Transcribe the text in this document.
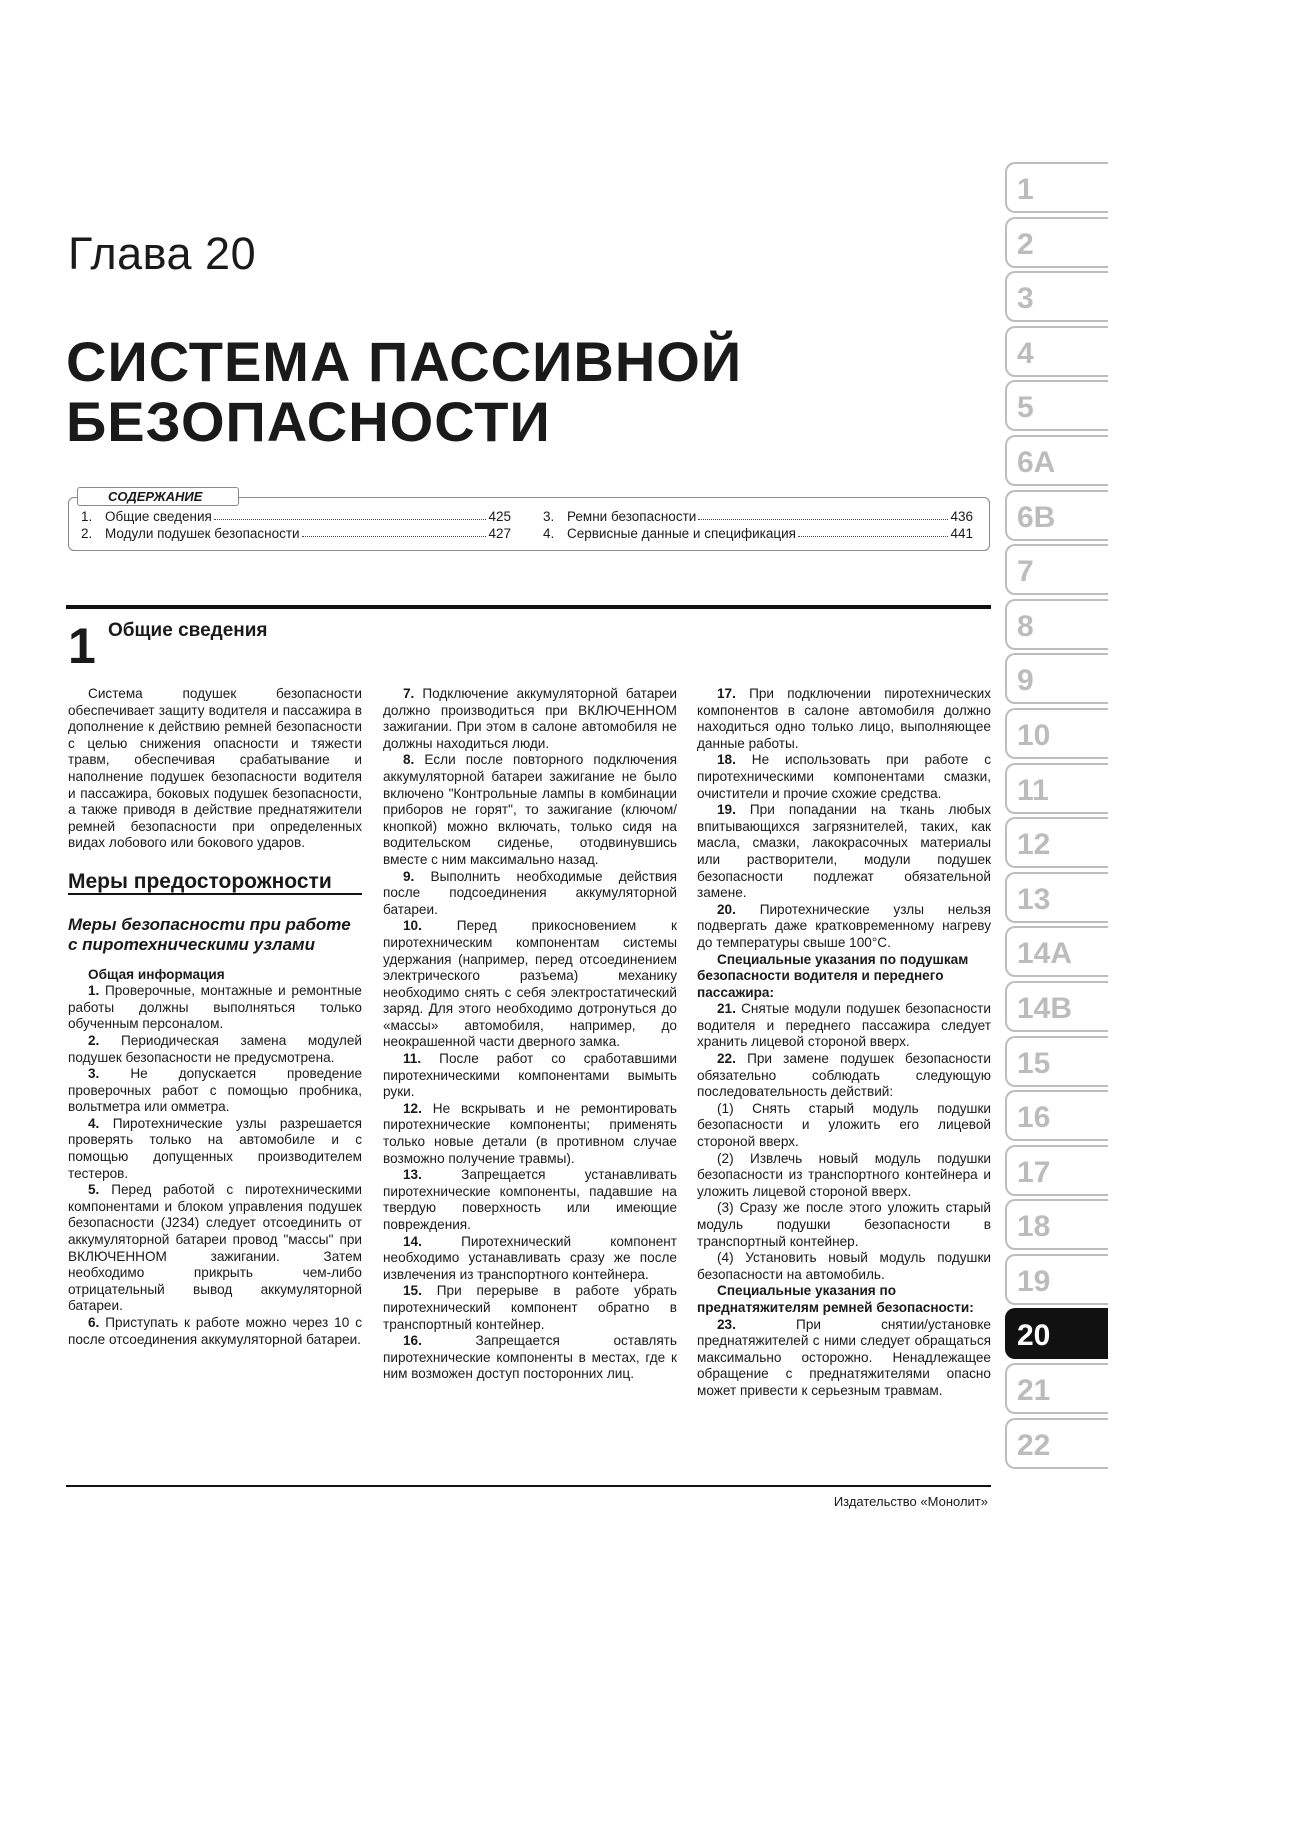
Глава 20
СИСТЕМА ПАССИВНОЙ
БЕЗОПАСНОСТИ
СОДЕРЖАНИЕ
1. Общие сведения	425
2. Модули подушек безопасности	427
3. Ремни безопасности	436
4. Сервисные данные и спецификация	441
1 Общие сведения

Система подушек безопасности обеспечивает защиту водителя и пассажира в дополнение к действию ремней безопасности с целью снижения опасности и тяжести травм, обеспечивая срабатывание и наполнение подушек безопасности водителя и пассажира, боковых подушек безопасности, а также приводя в действие преднатяжители ремней безопасности при определенных видах лобового или бокового ударов.

Меры предосторожности
Меры безопасности при работе с пиротехническими узлами

Общая информация

1. Проверочные, монтажные и ремонтные работы должны выполняться только обученным персоналом.

2. Периодическая замена модулей подушек безопасности не предусмотрена.

3. Не допускается проведение проверочных работ с помощью пробника, вольтметра или омметра.

4. Пиротехнические узлы разрешается проверять только на автомобиле и с помощью допущенных производителем тестеров.

5. Перед работой с пиротехническими компонентами и блоком управления подушек безопасности (J234) следует отсоединить от аккумуляторной батареи провод "массы" при ВКЛЮЧЕННОМ зажигании. Затем необходимо прикрыть чем-либо отрицательный вывод аккумуляторной батареи.

6. Приступать к работе можно через 10 с после отсоединения аккумуляторной батареи.

7. Подключение аккумуляторной батареи должно производиться при ВКЛЮЧЕННОМ зажигании. При этом в салоне автомобиля не должны находиться люди.

8. Если после повторного подключения аккумуляторной батареи зажигание не было включено "Контрольные лампы в комбинации приборов не горят", то зажигание (ключом/кнопкой) можно включать, только сидя на водительском сиденье, отодвинувшись вместе с ним максимально назад.

9. Выполнить необходимые действия после подсоединения аккумуляторной батареи.

10.	Перед прикосновением к пиротехническим компонентам системы удержания (например, перед отсоединением электрического разъема) механику необходимо снять с себя электростатический заряд. Для этого необходимо дотронуться до «массы» автомобиля, например, до неокрашенной части дверного замка.

11. После работ со сработавшими пиротехническими компонентами вымыть руки.

12. Не вскрывать и не ремонтировать пиротехнические компоненты; применять только новые детали (в противном случае возможно получение травмы).

13.	Запрещается устанавливать пиротехнические компоненты, падавшие на твердую поверхность или имеющие повреждения.

14.	Пиротехнический компонент необходимо устанавливать сразу же после извлечения из транспортного контейнера.

15. При перерыве в работе убрать пиротехнический компонент обратно в транспортный контейнер.

16.	Запрещается оставлять пиротехнические компоненты в местах, где к ним возможен доступ посторонних лиц.

17. При подключении пиротехнических компонентов в салоне автомобиля должно находиться одно только лицо, выполняющее данные работы.

18. Не использовать при работе с пиротехническими компонентами смазки, очистители и прочие схожие средства.

19. При попадании на ткань любых впитывающихся загрязнителей, таких, как масла, смазки, лакокрасочных материалы или растворители, модули подушек безопасности подлежат обязательной замене.

20. Пиротехнические узлы нельзя подвергать даже кратковременному нагреву до температуры свыше 100°С.

Специальные указания по подушкам безопасности водителя и переднего пассажира:

21. Снятые модули подушек безопасности водителя и переднего пассажира следует хранить лицевой стороной вверх.

22. При замене подушек безопасности обязательно соблюдать следующую последовательность действий:

(1) Снять старый модуль подушки безопасности и уложить его лицевой стороной вверх.

(2) Извлечь новый модуль подушки безопасности из транспортного контейнера и уложить лицевой стороной вверх.

(3) Сразу же после этого уложить старый модуль подушки безопасности в транспортный контейнер.

(4) Установить новый модуль подушки безопасности на автомобиль.

Специальные указания по преднатяжителям ремней безопасности:

23.	При снятии/установке преднатяжителей с ними следует обращаться максимально осторожно. Ненадлежащее обращение с преднатяжителями опасно может привести к серьезным травмам.

Издательство «Монолит»
1
2
3
4
5
6A
6B
7
8
9
10
11
12
13
14A
14B
15
16
17
18
19
20
21
22
